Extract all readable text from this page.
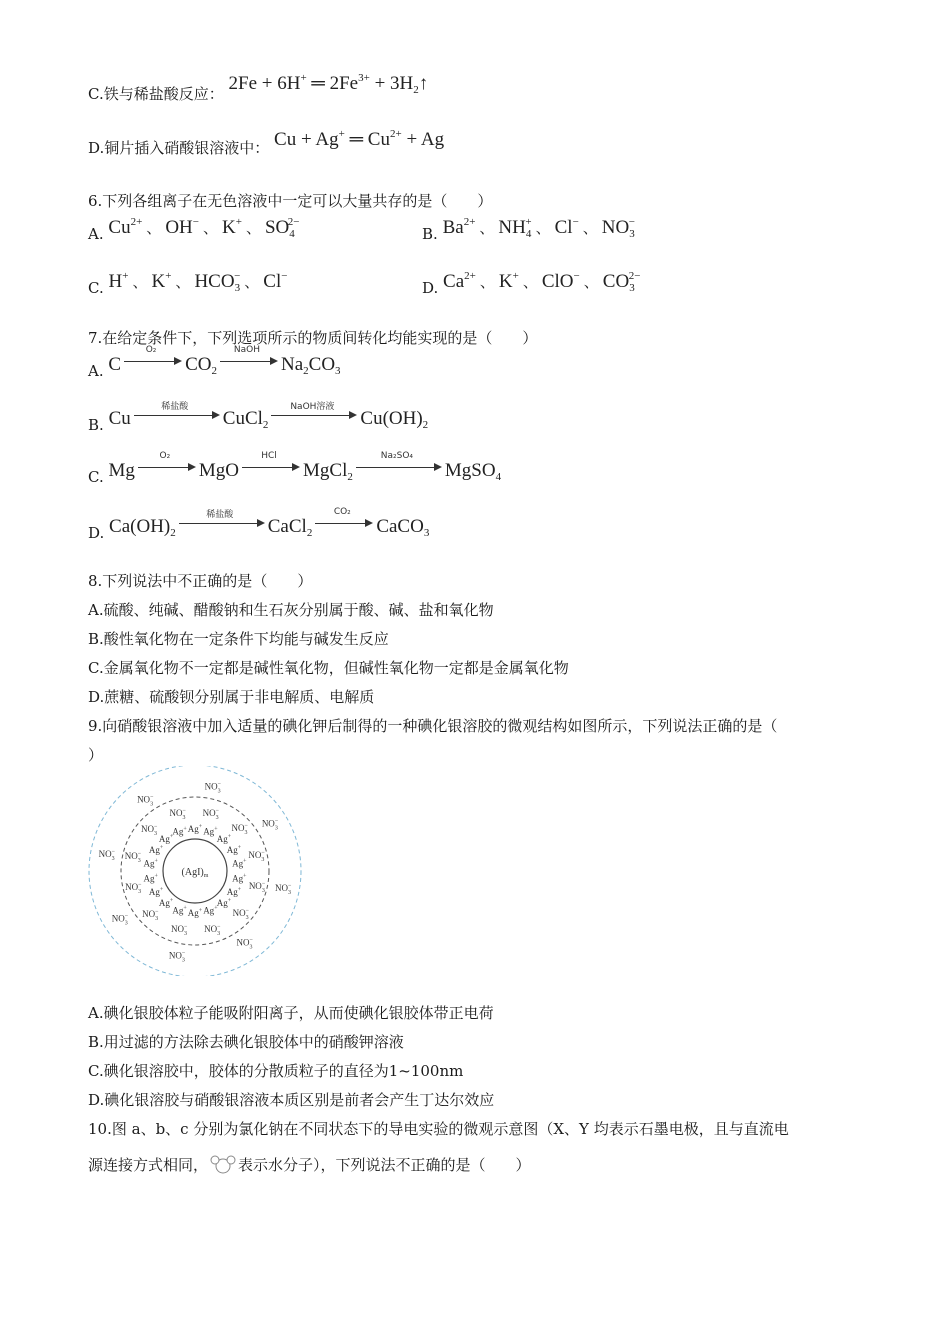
C.铁与稀盐酸反应： 2Fe + 6H+ ═ $2Fe^{3+}$ + $3H_2↑$
D.铜片插入硝酸银溶液中： Cu + Ag+ ═ $Cu^{2+} + Ag$
6.下列各组离子在无色溶液中一定可以大量共存的是（　　）
A. $Cu^{2+}$ 、 OH− 、 K+ 、 $SO_4^{2-}$
B. $Ba^{2+}$ 、 $NH_4^+$ 、 Cl− 、 $NO_3^-$
C. H+ 、 K+ 、 $HCO_3^-$ 、 Cl−
D. $Ca^{2+}$ 、 K+ 、 ClO− 、 $CO_3^{2-}$
7.在给定条件下，下列选项所示的物质间转化均能实现的是（　　）
A. C
O₂
$CO_2$
NaOH
$Na_2CO_3$
B. Cu
稀盐酸
CuCl$_2$
NaOH溶液
$Cu(OH)_2$
C. Mg
O₂
MgO
HCl
MgCl$_2$
Na₂SO₄
MgSO$_4$
D. $Ca(OH)_2$
稀盐酸
CaCl$_2$
CO₂
CaCO$_3$
8.下列说法中不正确的是（　　）
A.硫酸、纯碱、醋酸钠和生石灰分别属于酸、碱、盐和氧化物
B.酸性氧化物在一定条件下均能与碱发生反应
C.金属氧化物不一定都是碱性氧化物，但碱性氧化物一定都是金属氧化物
D.蔗糖、硫酸钡分别属于非电解质、电解质
9.向硝酸银溶液中加入适量的碘化钾后制得的一种碘化银溶胶的微观结构如图所示，下列说法正确的是（
）
$(AgI)_m$
Ag+ Ag+
Ag+
Ag+
Ag+
Ag+
Ag+
Ag+
Ag+
Ag+
Ag+
Ag+
Ag+
Ag+
Ag+
Ag+
Ag+
Ag+
$NO_3-$
$NO_3-$
$NO_3-$
$NO_3-$
$NO_3-$
$NO_3-$
$NO_3-$
$NO_3-$
$NO_3-$
$NO_3-$
$NO_3-$
$NO_3-$
$NO_3-$
$NO_3-$
$NO_3-$
$NO_3-$
$NO_3-$
$NO_3-$
$NO_3-$
$NO_3-$
A.碘化银胶体粒子能吸附阳离子，从而使碘化银胶体带正电荷
B.用过滤的方法除去碘化银胶体中的硝酸钾溶液
C.碘化银溶胶中，胶体的分散质粒子的直径为1~100nm
D.碘化银溶胶与硝酸银溶液本质区别是前者会产生丁达尔效应
10.图 a、b、c 分别为氯化钠在不同状态下的导电实验的微观示意图（X、Y 均表示石墨电极，且与直流电
源连接方式相同， 表示水分子），下列说法不正确的是（　　）
